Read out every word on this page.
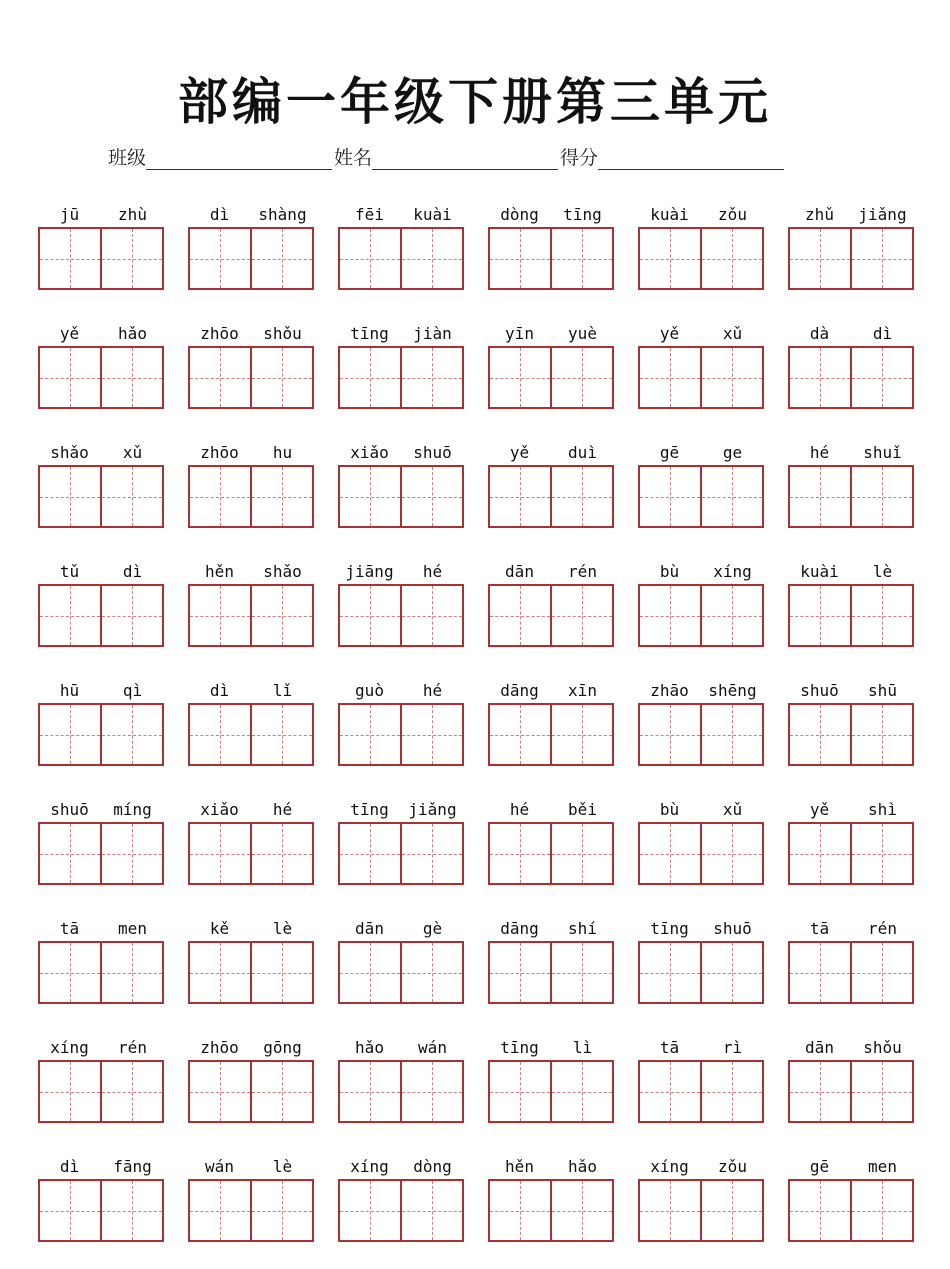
部编一年级下册第三单元
班级	姓名	得分
jū	zhù	dì	shàng	fēi	kuài	dòng	tīng	kuài	zǒu	zhǔ	jiǎng
yě	hǎo	zhōo	shǒu	tīng	jiàn	yīn	yuè	yě	xǔ	dà	dì
shǎo	xǔ	zhōo	hu	xiǎo	shuō	yě	duì	gē	ge	hé	shuǐ
tǔ	dì	hěn	shǎo	jiāng	hé	dān	rén	bù	xíng	kuài	lè
hū	qì	dì	lǐ	guò	hé	dāng	xīn	zhāo	shēng	shuō	shū
shuō	míng	xiǎo	hé	tīng	jiǎng	hé	běi	bù	xǔ	yě	shì
tā	men	kě	lè	dān	gè	dāng	shí	tīng	shuō	tā	rén
xíng	rén	zhōo	gōng	hǎo	wán	tīng	lì	tā	rì	dān	shǒu
dì	fāng	wán	lè	xíng	dòng	hěn	hǎo	xíng	zǒu	gē	men
